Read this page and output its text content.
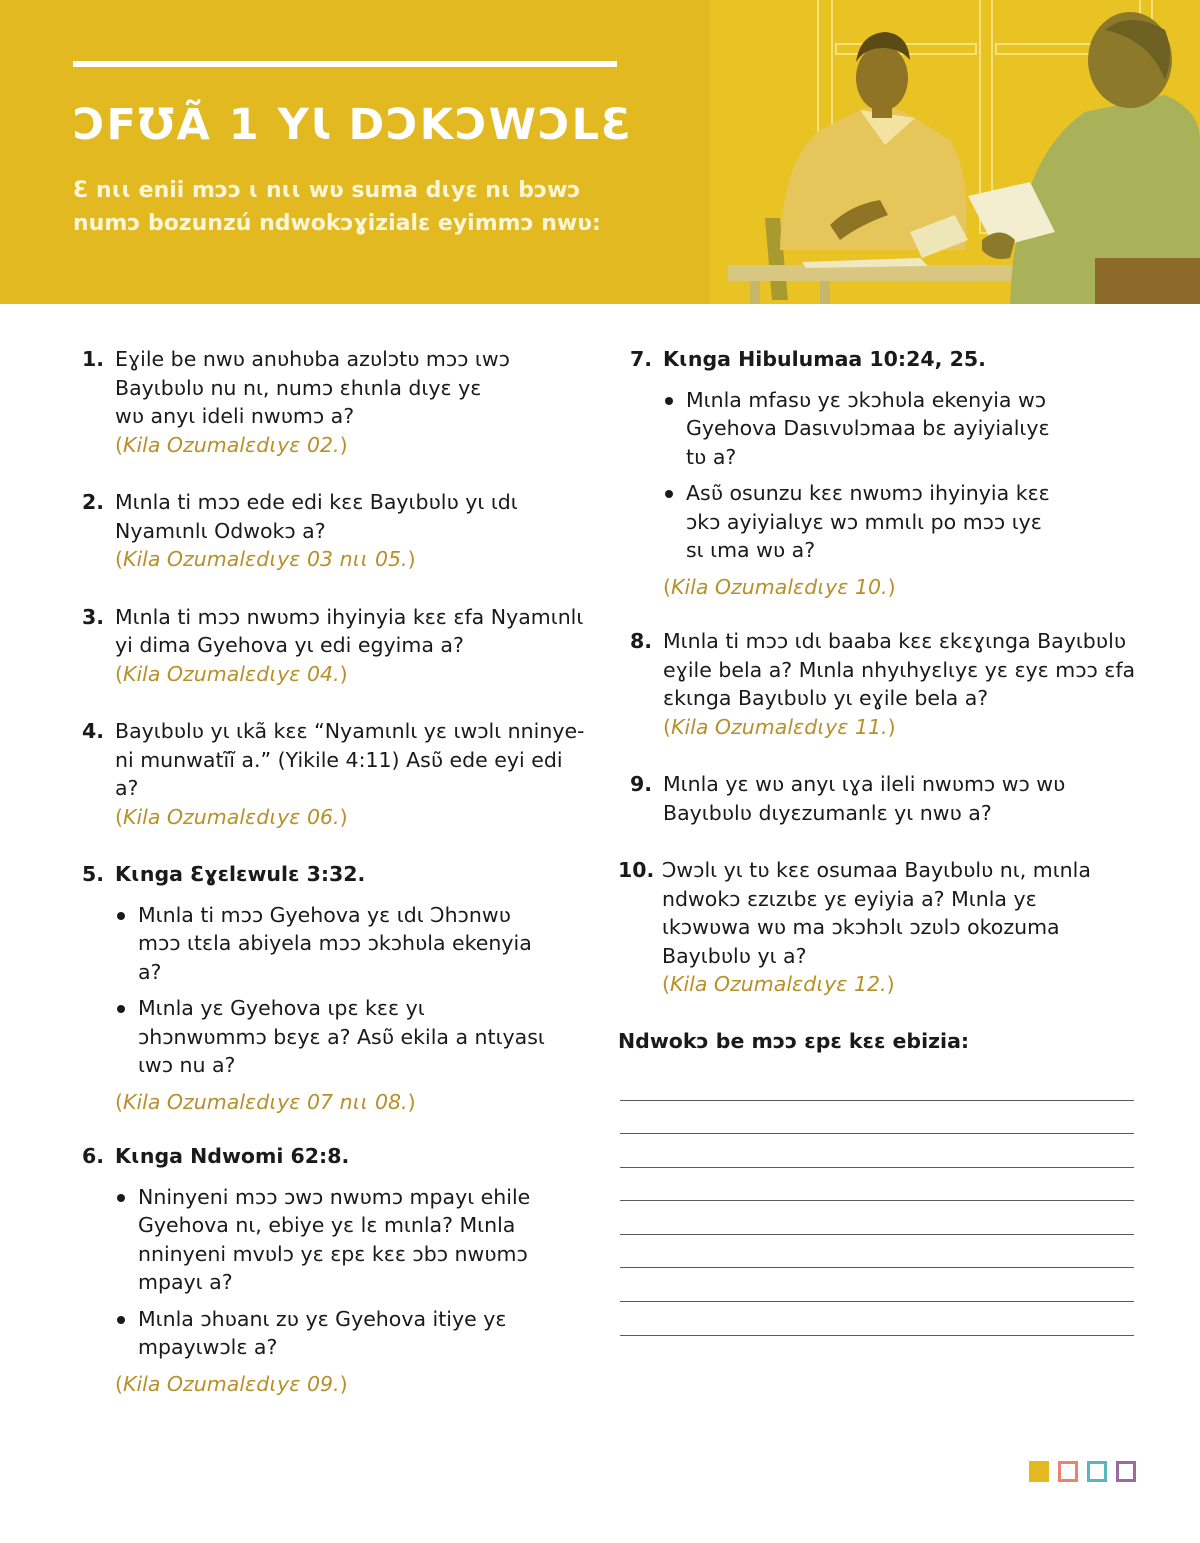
ƆFƱÃ 1 YƖ DƆKƆWƆLƐ
Ɛ nɩɩ enii mɔɔ ɩ nɩɩ wʋ suma dɩyɛ nɩ bɔwɔ numɔ bozunzú ndwokɔɣizialɛ eyimmɔ nwʋ:
1. Eɣile be nwʋ anʋhʋba azʋlɔtʋ mɔɔ ɩwɔ Bayɩbʋlʋ nu nɩ, numɔ ɛhɩnla dɩyɛ yɛ wʋ anyɩ ideli nwʋmɔ a?
(Kila Ozumalɛdɩyɛ 02.)
2. Mɩnla ti mɔɔ ede edi kɛɛ Bayɩbʋlʋ yɩ ɩdɩ Nyamɩnlɩ Odwokɔ a?
(Kila Ozumalɛdɩyɛ 03 nɩɩ 05.)
3. Mɩnla ti mɔɔ nwʋmɔ ihyinyia kɛɛ ɛfa Nyamɩnlɩ yi dima Gyehova yɩ edi egyima a?
(Kila Ozumalɛdɩyɛ 04.)
4. Bayɩbʋlʋ yɩ ɩkã kɛɛ “Nyamɩnlɩ yɛ ɩwɔlɩ nninye-ni munwatĩĩ a.” (Yikile 4:11) Asʋ̃ ede eyi edi a?
(Kila Ozumalɛdɩyɛ 06.)
5. Kɩnga Ɛɣɛlɛwulɛ 3:32.
Mɩnla ti mɔɔ Gyehova yɛ ɩdɩ Ɔhɔnwʋ mɔɔ ɩtɛla abiyela mɔɔ ɔkɔhʋla ekenyia a?
Mɩnla yɛ Gyehova ɩpɛ kɛɛ yɩ ɔhɔnwʋmmɔ bɛyɛ a? Asʋ̃ ekila a ntɩyasɩ ɩwɔ nu a?
(Kila Ozumalɛdɩyɛ 07 nɩɩ 08.)
6. Kɩnga Ndwomi 62:8.
Nninyeni mɔɔ ɔwɔ nwʋmɔ mpayɩ ehile Gyehova nɩ, ebiye yɛ lɛ mɩnla? Mɩnla nninyeni mvʋlɔ yɛ ɛpɛ kɛɛ ɔbɔ nwʋmɔ mpayɩ a?
Mɩnla ɔhʋanɩ zʋ yɛ Gyehova itiye yɛ mpayɩwɔlɛ a?
(Kila Ozumalɛdɩyɛ 09.)
7. Kɩnga Hibulumaa 10:24, 25.
Mɩnla mfasʋ yɛ ɔkɔhʋla ekenyia wɔ Gyehova Dasɩvʋlɔmaa bɛ ayiyialɩyɛ tʋ a?
Asʋ̃ osunzu kɛɛ nwʋmɔ ihyinyia kɛɛ ɔkɔ ayiyialɩyɛ wɔ mmɩlɩ po mɔɔ ɩyɛ sɩ ɩma wʋ a?
(Kila Ozumalɛdɩyɛ 10.)
8. Mɩnla ti mɔɔ ɩdɩ baaba kɛɛ ɛkɛɣɩnga Bayɩbʋlʋ eɣile bela a? Mɩnla nhyɩhyɛlɩyɛ yɛ ɛyɛ mɔɔ ɛfa ɛkɩnga Bayɩbʋlʋ yɩ eɣile bela a?
(Kila Ozumalɛdɩyɛ 11.)
9. Mɩnla yɛ wʋ anyɩ ɩɣa ileli nwʋmɔ wɔ wʋ Bayɩbʋlʋ dɩyɛzumanlɛ yɩ nwʋ a?
10. Ɔwɔlɩ yɩ tʋ kɛɛ osumaa Bayɩbʋlʋ nɩ, mɩnla ndwokɔ ɛzɩzɩbɛ yɛ eyiyia a? Mɩnla yɛ ɩkɔwʋwa wʋ ma ɔkɔhɔlɩ ɔzʋlɔ okozuma Bayɩbʋlʋ yɩ a?
(Kila Ozumalɛdɩyɛ 12.)
Ndwokɔ be mɔɔ ɛpɛ kɛɛ ebizia:
